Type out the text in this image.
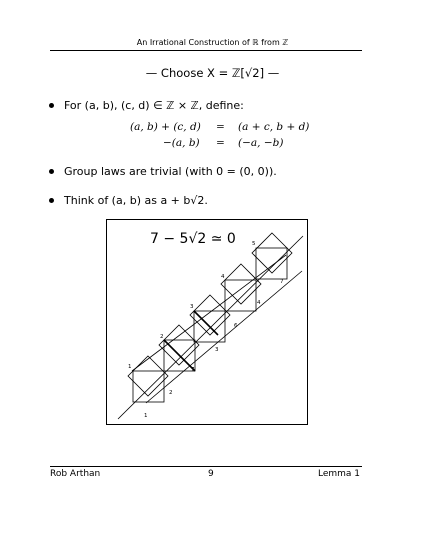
An Irrational Construction of ℝ from ℤ
— Choose X = ℤ[√2] —
For (a, b), (c, d) ∈ ℤ × ℤ, define:
(a, b) + (c, d) = (a + c, b + d)
−(a, b) = (−a, −b)
Group laws are trivial (with 0 = (0, 0)).
Think of (a, b) as a + b√2.
7 − 5√2 ≃ 0
1
1
2
2
3
3
4
4
5
6
7
7
Rob Arthan	9	Lemma 1
